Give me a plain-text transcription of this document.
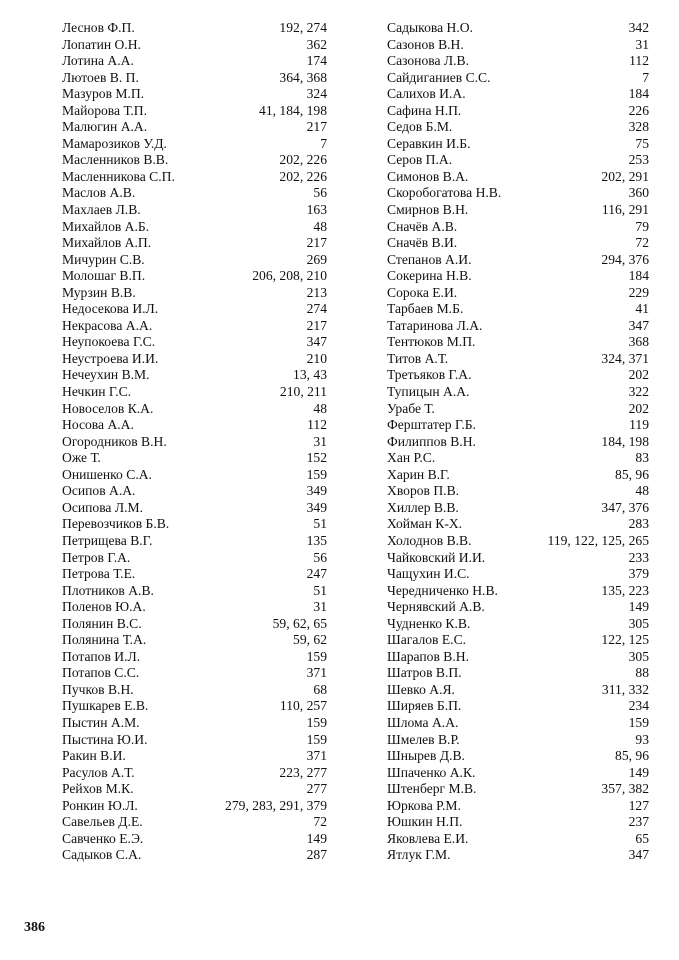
Леснов Ф.П.	192, 274
Лопатин О.Н.	362
Лотина А.А.	174
Лютоев В. П.	364, 368
Мазуров М.П.	324
Майорова Т.П.	41, 184, 198
Малюгин А.А.	217
Мамарозиков У.Д.	7
Масленников В.В.	202, 226
Масленникова С.П.	202, 226
Маслов А.В.	56
Махлаев Л.В.	163
Михайлов А.Б.	48
Михайлов А.П.	217
Мичурин С.В.	269
Молошаг В.П.	206, 208, 210
Мурзин В.В.	213
Недосекова И.Л.	274
Некрасова А.А.	217
Неупокоева Г.С.	347
Неустроева И.И.	210
Нечеухин В.М.	13, 43
Нечкин Г.С.	210, 211
Новоселов К.А.	48
Носова А.А.	112
Огородников В.Н.	31
Оже Т.	152
Онишенко С.А.	159
Осипов А.А.	349
Осипова Л.М.	349
Перевозчиков Б.В.	51
Петрищева В.Г.	135
Петров Г.А.	56
Петрова Т.Е.	247
Плотников А.В.	51
Поленов Ю.А.	31
Полянин В.С.	59, 62, 65
Полянина Т.А.	59, 62
Потапов И.Л.	159
Потапов С.С.	371
Пучков В.Н.	68
Пушкарев Е.В.	110, 257
Пыстин А.М.	159
Пыстина Ю.И.	159
Ракин В.И.	371
Расулов А.Т.	223, 277
Рейхов М.К.	277
Ронкин Ю.Л.	279, 283, 291, 379
Савельев Д.Е.	72
Савченко Е.Э.	149
Садыков С.А.	287
Садыкова Н.О.	342
Сазонов В.Н.	31
Сазонова Л.В.	112
Сайдиганиев С.С.	7
Салихов И.А.	184
Сафина Н.П.	226
Седов Б.М.	328
Серавкин И.Б.	75
Серов П.А.	253
Симонов В.А.	202, 291
Скоробогатова Н.В.	360
Смирнов В.Н.	116, 291
Сначёв А.В.	79
Сначёв В.И.	72
Степанов А.И.	294, 376
Сокерина Н.В.	184
Сорока Е.И.	229
Тарбаев М.Б.	41
Татаринова Л.А.	347
Тентюков М.П.	368
Титов А.Т.	324, 371
Третьяков Г.А.	202
Тупицын А.А.	322
Урабе Т.	202
Ферштатер Г.Б.	119
Филиппов В.Н.	184, 198
Хан Р.С.	83
Харин В.Г.	85, 96
Хворов П.В.	48
Хиллер В.В.	347, 376
Хойман К-Х.	283
Холоднов В.В.	119, 122, 125, 265
Чайковский И.И.	233
Чащухин И.С.	379
Чередниченко Н.В.	135, 223
Чернявский А.В.	149
Чудненко К.В.	305
Шагалов Е.С.	122, 125
Шарапов В.Н.	305
Шатров В.П.	88
Шевко А.Я.	311, 332
Ширяев Б.П.	234
Шлома А.А.	159
Шмелев В.Р.	93
Шнырев Д.В.	85, 96
Шпаченко А.К.	149
Штенберг М.В.	357, 382
Юркова Р.М.	127
Юшкин Н.П.	237
Яковлева Е.И.	65
Ятлук Г.М.	347
386
